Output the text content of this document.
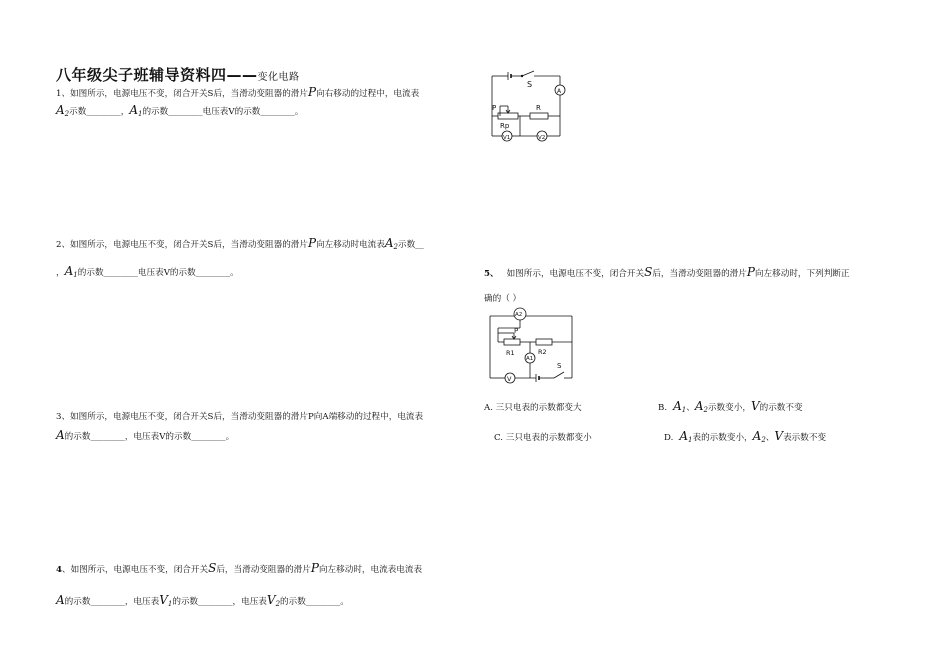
八年级尖子班辅导资料四——变化电路
1、如图所示，电源电压不变，闭合开关S后，当滑动变阻器的滑片P向右移动的过程中，电流表
$A_2$示数________，$A_1$的示数________电压表V的示数________。
S
A
P	R
Rp
V1	V2
2、如图所示，电源电压不变，闭合开关S后，当滑动变阻器的滑片P向左移动时电流表$A_2$示数__
，$A_1$的示数________电压表V的示数________。	5、 如图所示，电源电压不变，闭合开关S后，当滑动变阻器的滑片P向左移动时，下列判断正
确的（ ）
A2
P
R1	R2
A1
S
V
A. 三只电表的示数都变大	B. $A_1$、$A_2$示数变小，V的示数不变
C. 三只电表的示数都变小	D. $A_1$表的示数变小，$A_2$、V表示数不变
3、如图所示，电源电压不变，闭合开关S后，当滑动变阻器的滑片P向A端移动的过程中，电流表
A的示数________，电压表V的示数________。
4、如图所示，电源电压不变，闭合开关S后，当滑动变阻器的滑片P向左移动时，电流表电流表
A的示数________，电压表$V_1$的示数________，电压表$V_2$的示数________。
